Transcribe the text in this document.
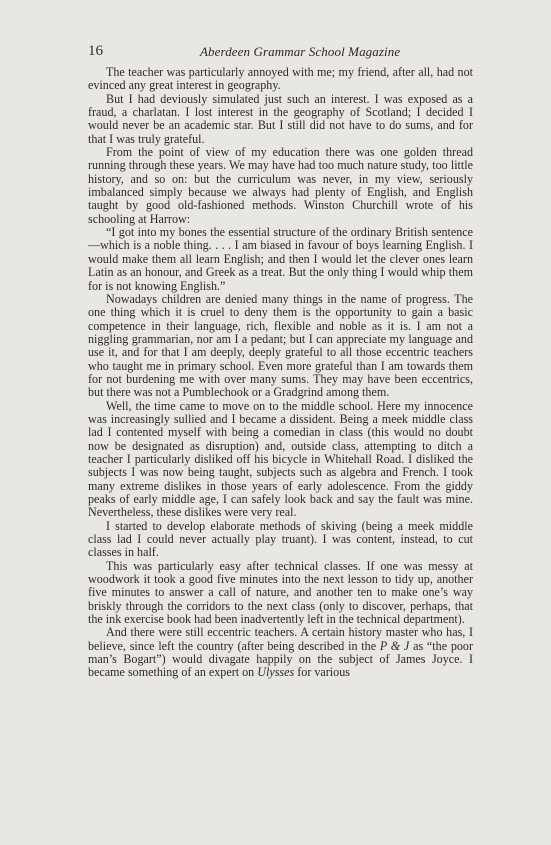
16	Aberdeen Grammar School Magazine

The teacher was particularly annoyed with me; my friend, after all, had not evinced any great interest in geography.

But I had deviously simulated just such an interest. I was exposed as a fraud, a charlatan. I lost interest in the geography of Scotland; I decided I would never be an academic star. But I still did not have to do sums, and for that I was truly grateful.

From the point of view of my education there was one golden thread running through these years. We may have had too much nature study, too little history, and so on: but the curriculum was never, in my view, seriously imbalanced simply because we always had plenty of English, and English taught by good old-fashioned methods. Winston Churchill wrote of his schooling at Harrow:

“I got into my bones the essential structure of the ordinary British sentence—which is a noble thing. . . . I am biased in favour of boys learning English. I would make them all learn English; and then I would let the clever ones learn Latin as an honour, and Greek as a treat. But the only thing I would whip them for is not knowing English.”

Nowadays children are denied many things in the name of progress. The one thing which it is cruel to deny them is the opportunity to gain a basic competence in their language, rich, flexible and noble as it is. I am not a niggling grammarian, nor am I a pedant; but I can appreciate my language and use it, and for that I am deeply, deeply grateful to all those eccentric teachers who taught me in primary school. Even more grateful than I am towards them for not burdening me with over many sums. They may have been eccentrics, but there was not a Pumblechook or a Gradgrind among them.

Well, the time came to move on to the middle school. Here my innocence was increasingly sullied and I became a dissident. Being a meek middle class lad I contented myself with being a comedian in class (this would no doubt now be designated as disruption) and, outside class, attempting to ditch a teacher I particularly disliked off his bicycle in Whitehall Road. I disliked the subjects I was now being taught, subjects such as algebra and French. I took many extreme dislikes in those years of early adolescence. From the giddy peaks of early middle age, I can safely look back and say the fault was mine. Nevertheless, these dislikes were very real.

I started to develop elaborate methods of skiving (being a meek middle class lad I could never actually play truant). I was content, instead, to cut classes in half.

This was particularly easy after technical classes. If one was messy at woodwork it took a good five minutes into the next lesson to tidy up, another five minutes to answer a call of nature, and another ten to make one’s way briskly through the corridors to the next class (only to discover, perhaps, that the ink exercise book had been inadvertently left in the technical department).

And there were still eccentric teachers. A certain history master who has, I believe, since left the country (after being described in the P & J as “the poor man’s Bogart”) would divagate happily on the subject of James Joyce. I became something of an expert on Ulysses for various
